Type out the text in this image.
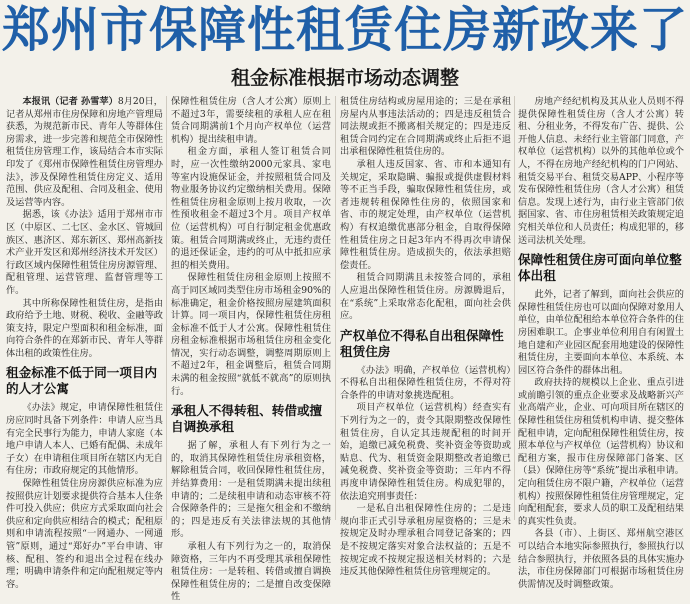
郑州市保障性租赁住房新政来了
租金标准根据市场动态调整

本报讯（记者 孙雪苹）8月20日，记者从郑州市住房保障和房地产管理局获悉，为规范新市民、青年人等群体住房需求，进一步完善和规范全市保障性租赁住房管理工作，该局结合本市实际印发了《郑州市保障性租赁住房管理办法》，涉及保障性租赁住房定义、适用范围、供应及配租、合同及租金、使用及运营等内容。

据悉，该《办法》适用于郑州市市区（中原区、二七区、金水区、管城回族区、惠济区、郑东新区、郑州高新技术产业开发区和郑州经济技术开发区）行政区域内保障性租赁住房房源管理、配租管理、运营管理、监督管理等工作。

其中所称保障性租赁住房，是指由政府给予土地、财税、税收、金融等政策支持，限定户型面积和租金标准，面向符合条件的在郑新市民、青年人等群体出租的政策性住房。

租金标准不低于同一项目内的人才公寓

《办法》规定，申请保障性租赁住房应同时具备下列条件：申请人应当具有完全民事行为能力，申请人家庭（本地户申请人本人、已婚有配偶、未成年子女）在申请租住项目所在辖区内无自有住房；市政府规定的其他情形。

保障性租赁住房房源供应标准为应按照供应计划要求提供符合基本人住条件可投入供应；供应方式采取面向社会供应和定向供应相结合的模式；配租原则和申请流程按照“一网通办、一网通管”原则，通过“郑好办”平台申请、审核、配租、签约和退出全过程在线办理；明确申请条件和定向配租规定等内容。

保障性租赁住房（含人才公寓）原则上不超过3年，需要续租的承租人应在租赁合同期满前1个月向产权单位（运营机构）提出续租申请。

租金方面，承租人签订租赁合同时，应一次性缴纳2000元家具、家电等室内设施保证金，并按照租赁合同及物业服务协议约定缴纳相关费用。保障性租赁住房租金原则上按月收取，一次性预收租金不超过3个月。项目产权单位（运营机构）可自行制定租金优惠政策。租赁合同期满或终止，无违约责任的退还保证金，违约的可从中抵扣应承担的相关费用。

保障性租赁住房租金原则上按照不高于同区域同类型住房市场租金90%的标准确定，租金价格按照房屋建筑面积计算。同一项目内，保障性租赁住房租金标准不低于人才公寓。保障性租赁住房租金标准根据市场租赁住房租金变化情况，实行动态调整，调整周期原则上不超过2年，租金调整后，租赁合同期未满的租金按照“就低不就高”的原则执行。

承租人不得转租、转借或擅自调换承租

据了解，承租人有下列行为之一的，取消其保障性租赁住房承租资格，解除租赁合同，收回保障性租赁住房，并结算费用：一是租赁期满未提出续租申请的；二是续租申请和动态审核不符合保障条件的；三是拖欠租金和不缴纳的；四是违反有关法律法规的其他情形。

承租人有下列行为之一的，取消保障资格，三年内不再受理其承租保障性租赁住房：一是转租、转借或擅自调换保障性租赁住房的；二是擅自改变保障性

租赁住房结构或房屋用途的；三是在承租房屋内从事违法活动的；四是违反租赁合同法规或拒不搬离相关规定的；四是违反租赁合同约定在合同期满或终止后拒不退出承租保障性租赁住房的。

承租人违反国家、省、市和本通知有关规定，采取隐瞒、骗报或提供虚假材料等不正当手段，骗取保障性租赁住房，或者违规转租保障性住房的，依照国家和省、市的规定处理，由产权单位（运营机构）有权追缴优惠部分租金，自取得保障性租赁住房之日起3年内不得再次申请保障性租赁住房。造成损失的，依法承担赔偿责任。

租赁合同期满且未按签合同的，承租人应退出保障性租赁住房。房源腾退后，在“系统”上采取常态化配租，面向社会供应。

产权单位不得私自出租保障性租赁住房

《办法》明确，产权单位（运营机构）不得私自出租保障性租赁住房，不得对符合条件的申请对象挑选配租。

项目产权单位（运营机构）经查实有下列行为之一的，责令其限期整改保障性租赁住房，自认定其违规配租的时间开始，追缴已减免税费、奖补资金等资助或贴息、代为、租赁资金限期整改者追缴已减免税费、奖补资金等资助；三年内不得再度申请保障性租赁住房。构成犯罪的，依法追究刑事责任：

一是私自出租保障性住房的；二是违规向非正式引导承租房屋资格的；三是未按规定及时办理承租合同登记备案的；四是不按规定落实对象合法权益的；五是不按规定或不按规定报送相关材料的；六是违反其他保障性租赁住房管理规定的。

房地产经纪机构及其从业人员则不得提供保障性租赁住房（含人才公寓）转租、分租业务，不得发布广告、提供、公开他人信息、未经行业主管部门同意，产权单位（运营机构）以外的其他单位或个人，不得在房地产经纪机构的门户网站、租赁交易平台、租赁交易APP、小程序等发布保障性租赁住房（含人才公寓）租赁信息。发现上述行为，由行业主管部门依据国家、省、市住房租赁相关政策规定追究相关单位和人员责任；构成犯罪的，移送司法机关处理。

保障性租赁住房可面向单位整体出租

此外，记者了解到，面向社会供应的保障性租赁住房也可以面向保障对象用人单位，由单位配租给本单位符合条件的住房困难职工。企事业单位利用自有闲置土地自建和产业园区配套用地建设的保障性租赁住房，主要面向本单位、本系统、本园区符合条件的群体出租。

政府扶持的规模以上企业、重点引进或前瞻引领的重点企业要求及战略新兴产业高端产业，企业、可向项目所在辖区的保障性租赁住房租赁机构申请、提交整体配租申请，定向配租保障性租赁住房，按照本单位与产权单位（运营机构）协议和配租方案，报市住房保障部门备案、区（县）保障住房等“系统”提出承租申请。定向租赁住房不限户籍，产权单位（运营机构）按照保障性租赁住房管理规定，定向配租配套，要求人员的职工及配租结果的真实性负责。

各县（市）、上街区、郑州航空港区可以结合本地实际参照执行，参照执行以结合参照执行，并依照各县的具体实施办法，市住房保障部门可根据市场租赁住房供需情况及时调整政策。
